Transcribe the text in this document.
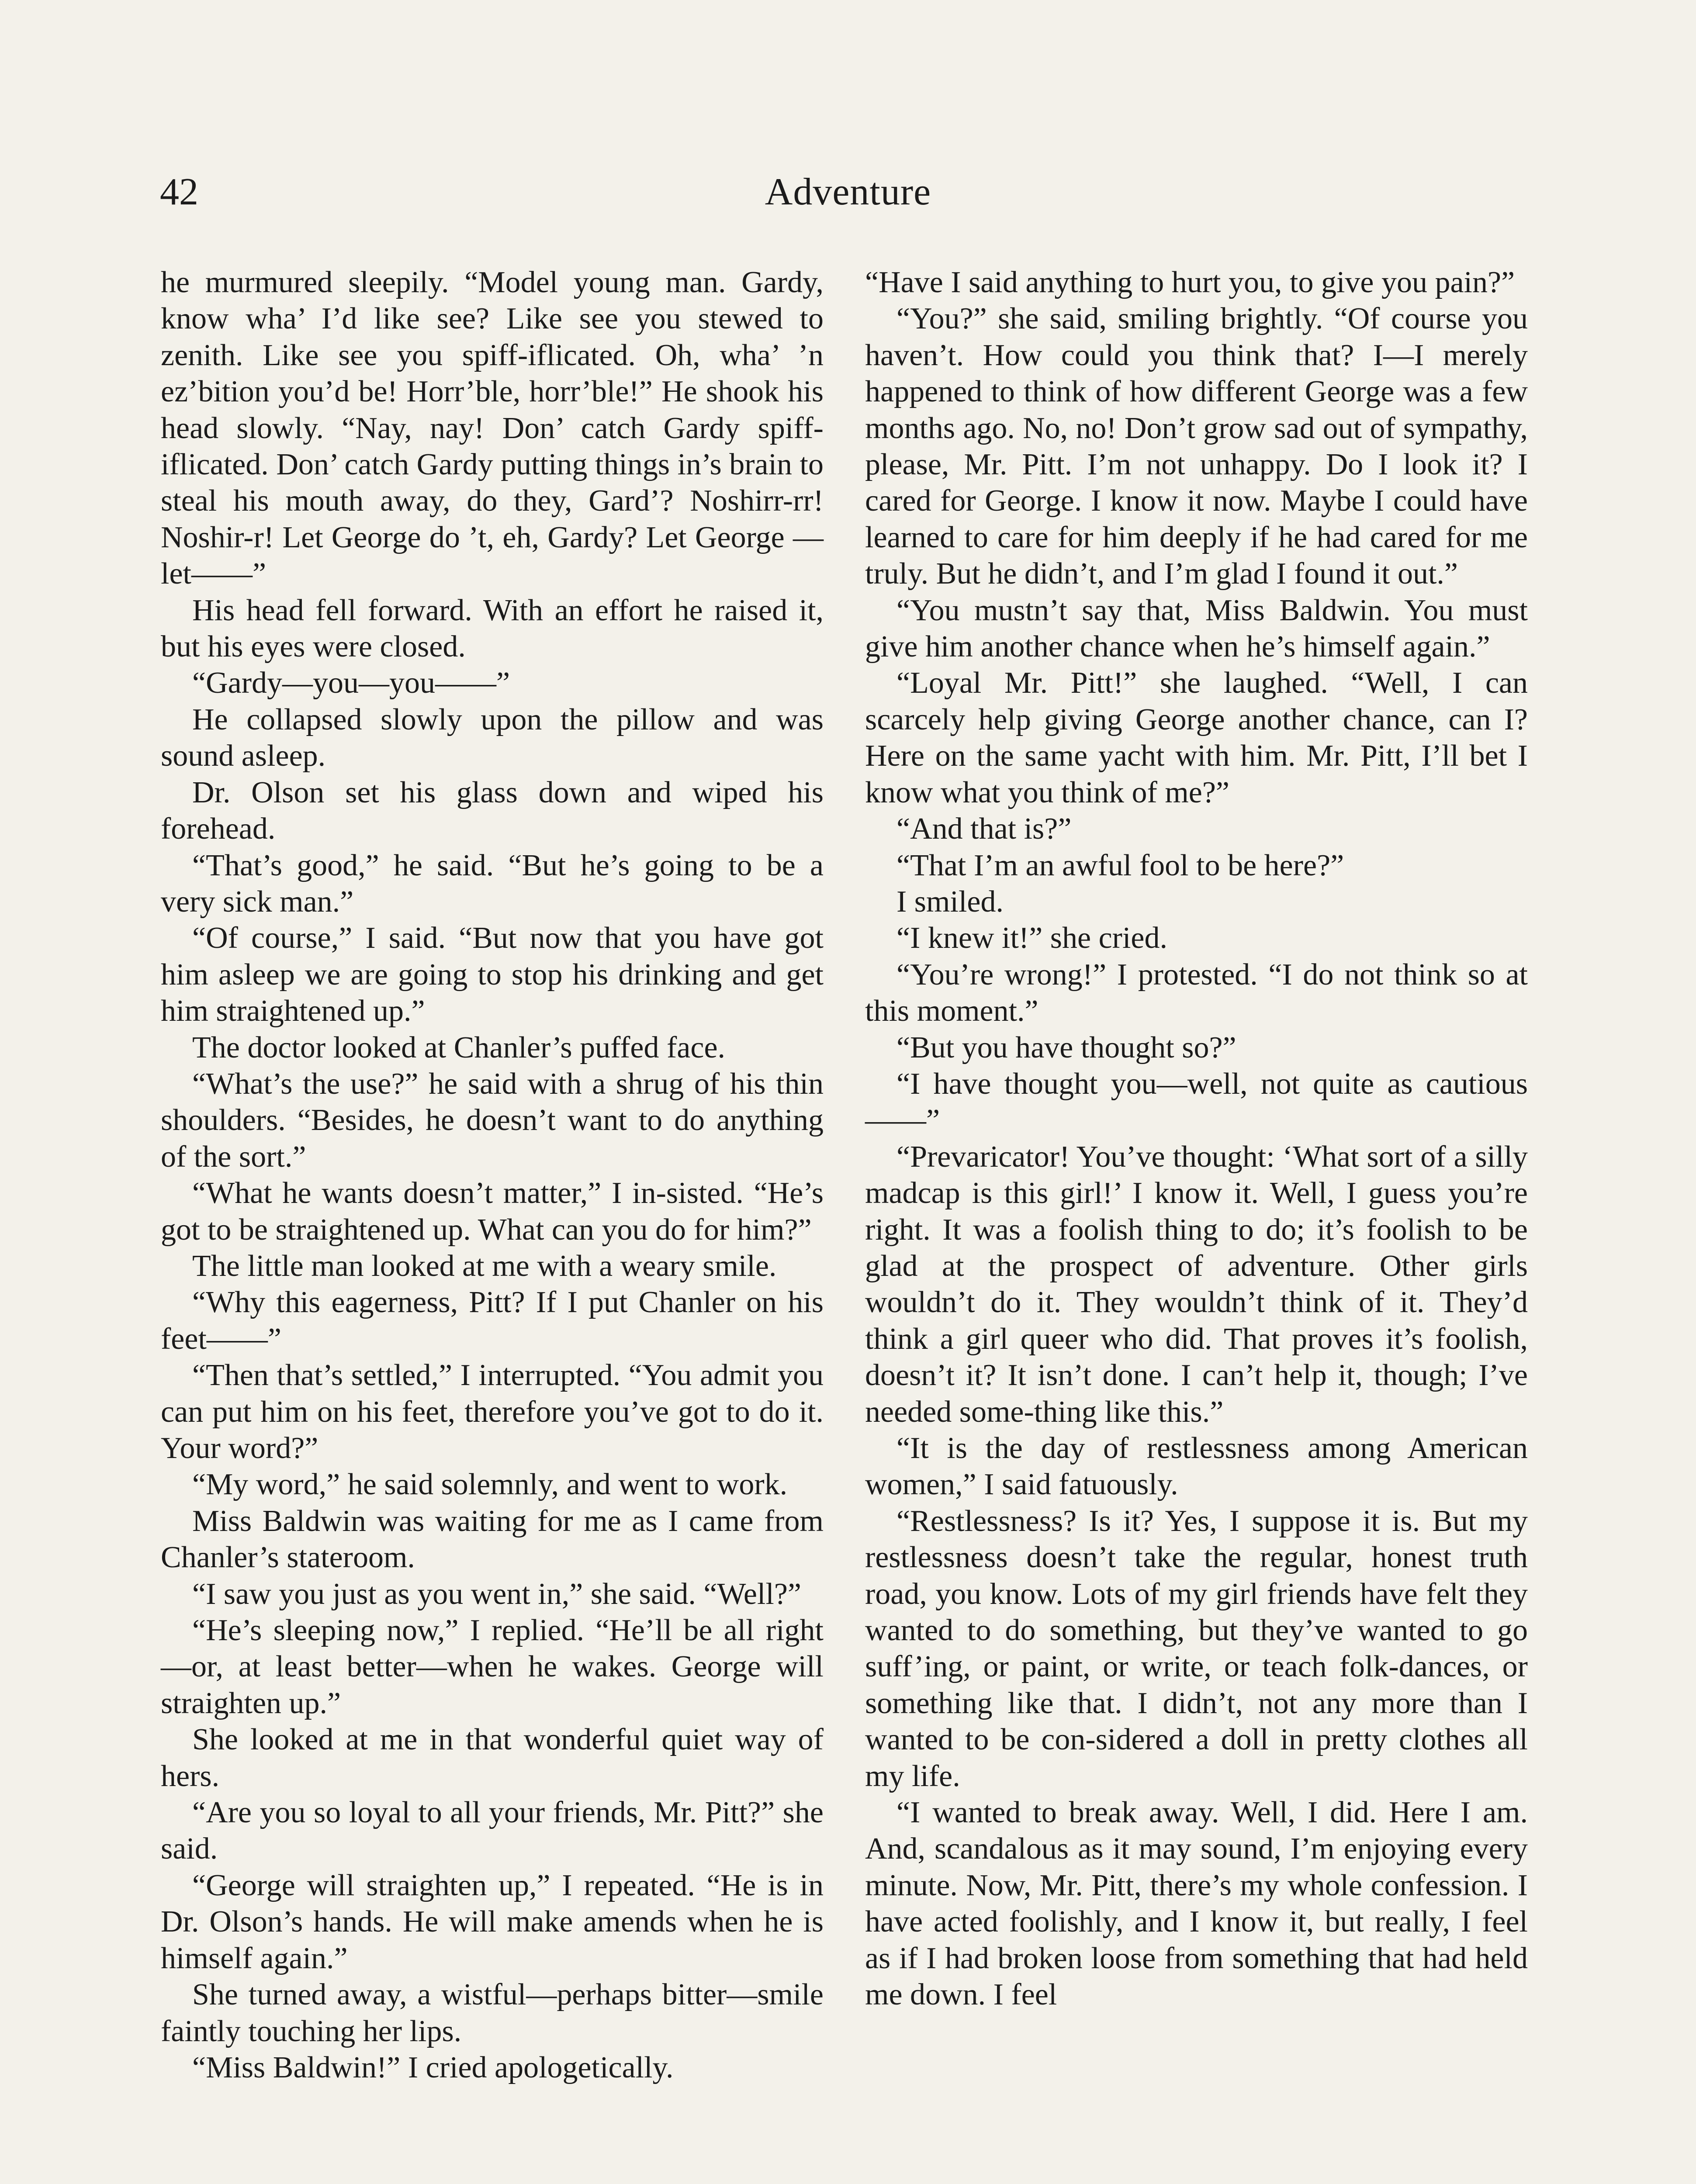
42	Adventure

he murmured sleepily. “Model young man. Gardy, know wha’ I’d like see? Like see you stewed to zenith. Like see you spiff-iflicated. Oh, wha’ ’n ez’bition you’d be! Horr’ble, horr’ble!” He shook his head slowly. “Nay, nay! Don’ catch Gardy spiff-iflicated. Don’ catch Gardy putting things in’s brain to steal his mouth away, do they, Gard’? Noshirr-rr! Noshir-r! Let George do ’t, eh, Gardy? Let George —let——”

His head fell forward. With an effort he raised it, but his eyes were closed.

“Gardy—you—you——”

He collapsed slowly upon the pillow and was sound asleep.

Dr. Olson set his glass down and wiped his forehead.

“That’s good,” he said. “But he’s going to be a very sick man.”

“Of course,” I said. “But now that you have got him asleep we are going to stop his drinking and get him straightened up.”

The doctor looked at Chanler’s puffed face.

“What’s the use?” he said with a shrug of his thin shoulders. “Besides, he doesn’t want to do anything of the sort.”

“What he wants doesn’t matter,” I in-sisted. “He’s got to be straightened up. What can you do for him?”

The little man looked at me with a weary smile.

“Why this eagerness, Pitt? If I put Chanler on his feet——”

“Then that’s settled,” I interrupted. “You admit you can put him on his feet, therefore you’ve got to do it. Your word?”

“My word,” he said solemnly, and went to work.

Miss Baldwin was waiting for me as I came from Chanler’s stateroom.

“I saw you just as you went in,” she said. “Well?”

“He’s sleeping now,” I replied. “He’ll be all right—or, at least better—when he wakes. George will straighten up.”

She looked at me in that wonderful quiet way of hers.

“Are you so loyal to all your friends, Mr. Pitt?” she said.

“George will straighten up,” I repeated. “He is in Dr. Olson’s hands. He will make amends when he is himself again.”

She turned away, a wistful—perhaps bitter—smile faintly touching her lips.

“Miss Baldwin!” I cried apologetically.

“Have I said anything to hurt you, to give you pain?”

“You?” she said, smiling brightly. “Of course you haven’t. How could you think that? I—I merely happened to think of how different George was a few months ago. No, no! Don’t grow sad out of sympathy, please, Mr. Pitt. I’m not unhappy. Do I look it? I cared for George. I know it now. Maybe I could have learned to care for him deeply if he had cared for me truly. But he didn’t, and I’m glad I found it out.”

“You mustn’t say that, Miss Baldwin. You must give him another chance when he’s himself again.”

“Loyal Mr. Pitt!” she laughed. “Well, I can scarcely help giving George another chance, can I? Here on the same yacht with him. Mr. Pitt, I’ll bet I know what you think of me?”

“And that is?”

“That I’m an awful fool to be here?”

I smiled.

“I knew it!” she cried.

“You’re wrong!” I protested. “I do not think so at this moment.”

“But you have thought so?”

“I have thought you—well, not quite as cautious——”

“Prevaricator! You’ve thought: ‘What sort of a silly madcap is this girl!’ I know it. Well, I guess you’re right. It was a foolish thing to do; it’s foolish to be glad at the prospect of adventure. Other girls wouldn’t do it. They wouldn’t think of it. They’d think a girl queer who did. That proves it’s foolish, doesn’t it? It isn’t done. I can’t help it, though; I’ve needed some-thing like this.”

“It is the day of restlessness among American women,” I said fatuously.

“Restlessness? Is it? Yes, I suppose it is. But my restlessness doesn’t take the regular, honest truth road, you know. Lots of my girl friends have felt they wanted to do something, but they’ve wanted to go suff’ing, or paint, or write, or teach folk-dances, or something like that. I didn’t, not any more than I wanted to be con-sidered a doll in pretty clothes all my life.

“I wanted to break away. Well, I did. Here I am. And, scandalous as it may sound, I’m enjoying every minute. Now, Mr. Pitt, there’s my whole confession. I have acted foolishly, and I know it, but really, I feel as if I had broken loose from something that had held me down. I feel
